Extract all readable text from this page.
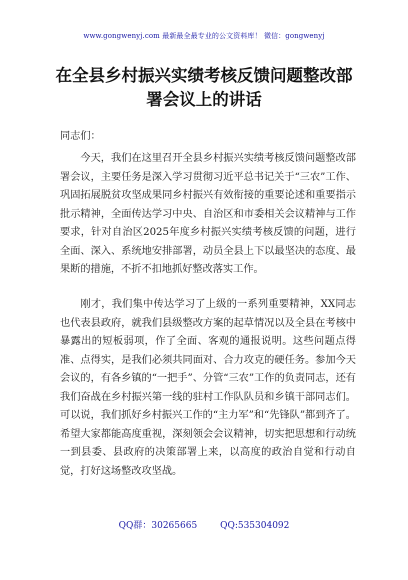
www.gongwenyj.com 最新最全最专业的公文资料库！ 微信：gongwenyj
在全县乡村振兴实绩考核反馈问题整改部署会议上的讲话
同志们：
今天，我们在这里召开全县乡村振兴实绩考核反馈问题整改部署会议，主要任务是深入学习贯彻习近平总书记关于“三农”工作、巩固拓展脱贫攻坚成果同乡村振兴有效衔接的重要论述和重要指示批示精神，全面传达学习中央、自治区和市委相关会议精神与工作要求，针对自治区2025年度乡村振兴实绩考核反馈的问题，进行全面、深入、系统地安排部署，动员全县上下以最坚决的态度、最果断的措施，不折不扣地抓好整改落实工作。
刚才，我们集中传达学习了上级的一系列重要精神，XX同志也代表县政府，就我们县级整改方案的起草情况以及全县在考核中暴露出的短板弱项，作了全面、客观的通报说明。这些问题点得准、点得实，是我们必须共同面对、合力攻克的硬任务。参加今天会议的，有各乡镇的“一把手”、分管“三农”工作的负责同志，还有我们奋战在乡村振兴第一线的驻村工作队队员和乡镇干部同志们。可以说，我们抓好乡村振兴工作的“主力军”和“先锋队”都到齐了。希望大家都能高度重视，深刻领会会议精神，切实把思想和行动统一到县委、县政府的决策部署上来，以高度的政治自觉和行动自觉，打好这场整改攻坚战。
QQ群：30265665	QQ:535304092
